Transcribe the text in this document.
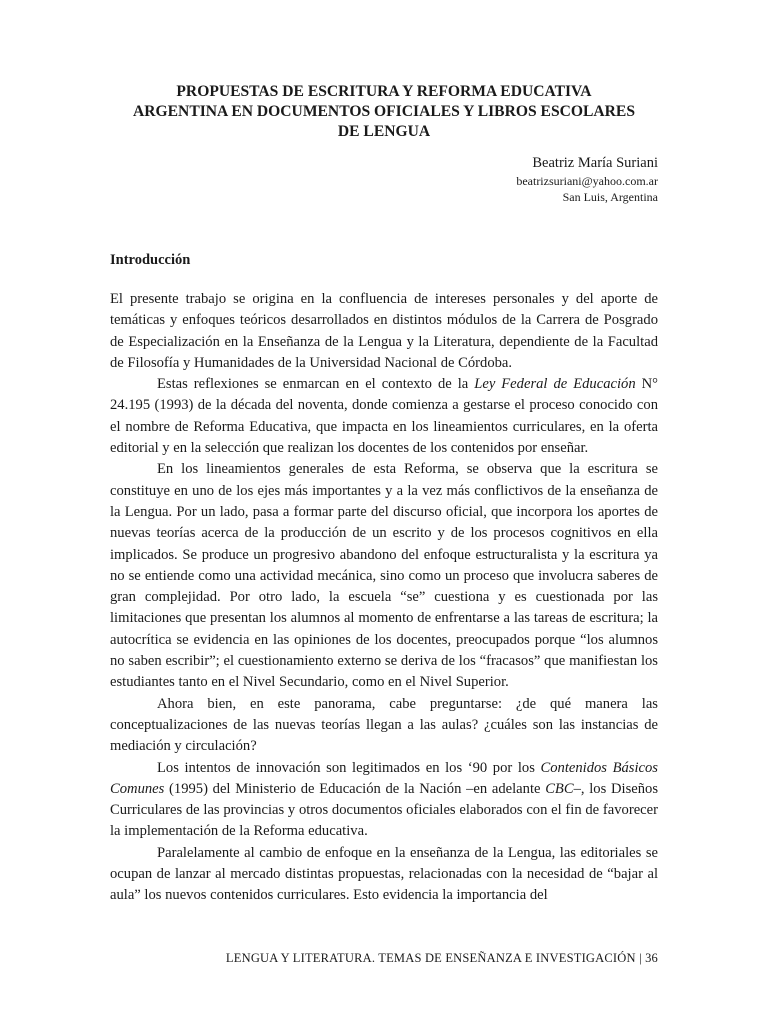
PROPUESTAS DE ESCRITURA Y REFORMA EDUCATIVA
ARGENTINA EN DOCUMENTOS OFICIALES Y LIBROS ESCOLARES
DE LENGUA

Beatriz María Suriani

beatrizsuriani@yahoo.com.ar

San Luis, Argentina

Introducción

El presente trabajo se origina en la confluencia de intereses personales y del aporte de temáticas y enfoques teóricos desarrollados en distintos módulos de la Carrera de Posgrado de Especialización en la Enseñanza de la Lengua y la Literatura, dependiente de la Facultad de Filosofía y Humanidades de la Universidad Nacional de Córdoba.

Estas reflexiones se enmarcan en el contexto de la Ley Federal de Educación N° 24.195 (1993) de la década del noventa, donde comienza a gestarse el proceso conocido con el nombre de Reforma Educativa, que impacta en los lineamientos curriculares, en la oferta editorial y en la selección que realizan los docentes de los contenidos por enseñar.

En los lineamientos generales de esta Reforma, se observa que la escritura se constituye en uno de los ejes más importantes y a la vez más conflictivos de la enseñanza de la Lengua. Por un lado, pasa a formar parte del discurso oficial, que incorpora los aportes de nuevas teorías acerca de la producción de un escrito y de los procesos cognitivos en ella implicados. Se produce un progresivo abandono del enfoque estructuralista y la escritura ya no se entiende como una actividad mecánica, sino como un proceso que involucra saberes de gran complejidad. Por otro lado, la escuela “se” cuestiona y es cuestionada por las limitaciones que presentan los alumnos al momento de enfrentarse a las tareas de escritura; la autocrítica se evidencia en las opiniones de los docentes, preocupados porque “los alumnos no saben escribir”; el cuestionamiento externo se deriva de los “fracasos” que manifiestan los estudiantes tanto en el Nivel Secundario, como en el Nivel Superior.

Ahora bien, en este panorama, cabe preguntarse: ¿de qué manera las conceptualizaciones de las nuevas teorías llegan a las aulas? ¿cuáles son las instancias de mediación y circulación?

Los intentos de innovación son legitimados en los ‘90 por los Contenidos Básicos Comunes (1995) del Ministerio de Educación de la Nación –en adelante CBC–, los Diseños Curriculares de las provincias y otros documentos oficiales elaborados con el fin de favorecer la implementación de la Reforma educativa.

Paralelamente al cambio de enfoque en la enseñanza de la Lengua, las editoriales se ocupan de lanzar al mercado distintas propuestas, relacionadas con la necesidad de “bajar al aula” los nuevos contenidos curriculares. Esto evidencia la importancia del

LENGUA Y LITERATURA. TEMAS DE ENSEÑANZA E INVESTIGACIÓN | 36
